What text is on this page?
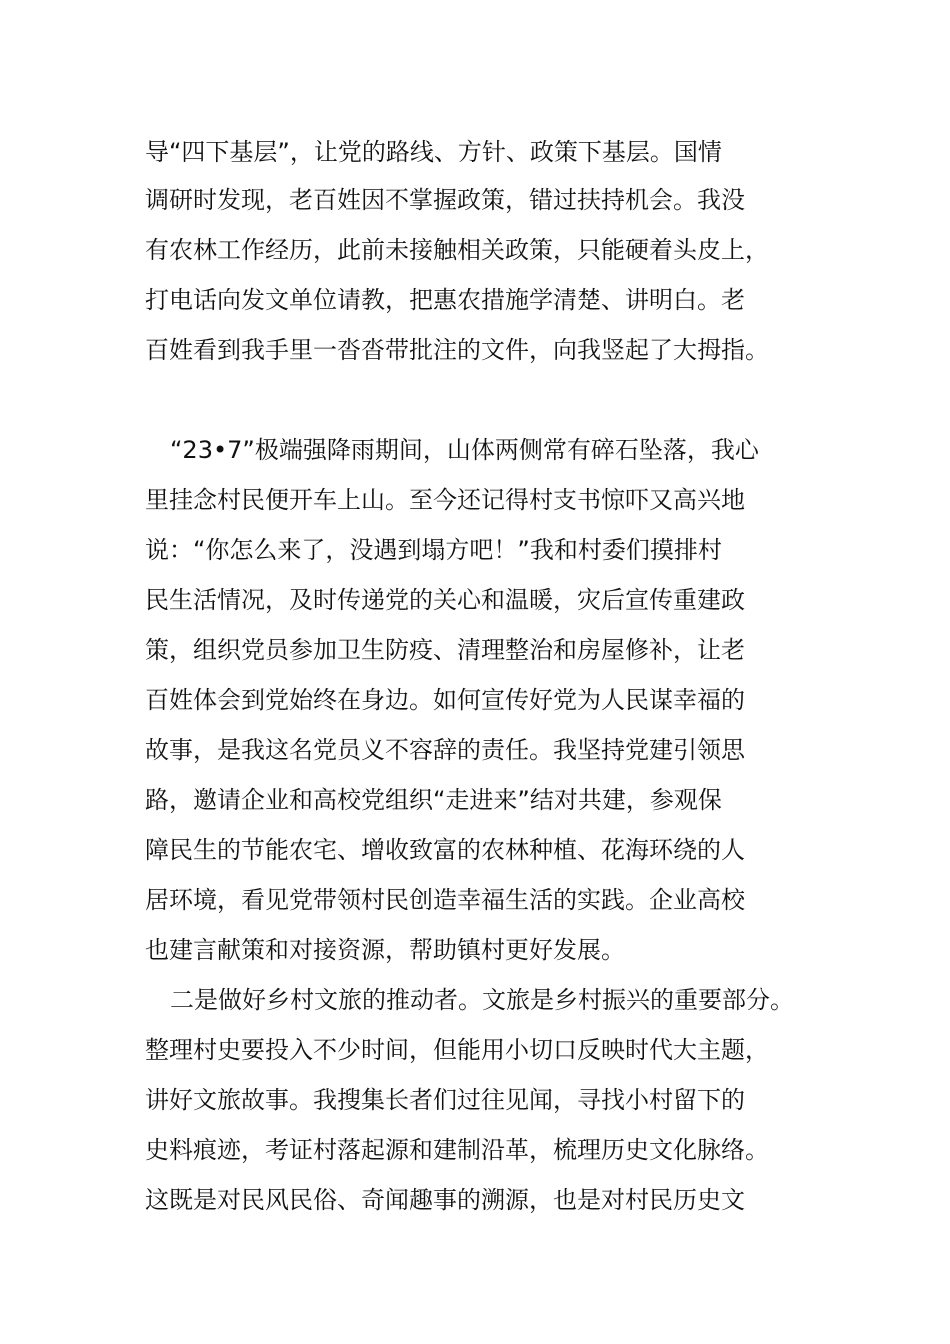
导“四下基层”，让党的路线、方针、政策下基层。国情
调研时发现，老百姓因不掌握政策，错过扶持机会。我没
有农林工作经历，此前未接触相关政策，只能硬着头皮上，
打电话向发文单位请教，把惠农措施学清楚、讲明白。老
百姓看到我手里一沓沓带批注的文件，向我竖起了大拇指。
“23•7”极端强降雨期间，山体两侧常有碎石坠落，我心
里挂念村民便开车上山。至今还记得村支书惊吓又高兴地
说：“你怎么来了，没遇到塌方吧！”我和村委们摸排村
民生活情况，及时传递党的关心和温暖，灾后宣传重建政
策，组织党员参加卫生防疫、清理整治和房屋修补，让老
百姓体会到党始终在身边。如何宣传好党为人民谋幸福的
故事，是我这名党员义不容辞的责任。我坚持党建引领思
路，邀请企业和高校党组织“走进来”结对共建，参观保
障民生的节能农宅、增收致富的农林种植、花海环绕的人
居环境，看见党带领村民创造幸福生活的实践。企业高校
也建言献策和对接资源，帮助镇村更好发展。
二是做好乡村文旅的推动者。文旅是乡村振兴的重要部分。
整理村史要投入不少时间，但能用小切口反映时代大主题，
讲好文旅故事。我搜集长者们过往见闻，寻找小村留下的
史料痕迹，考证村落起源和建制沿革，梳理历史文化脉络。
这既是对民风民俗、奇闻趣事的溯源，也是对村民历史文
